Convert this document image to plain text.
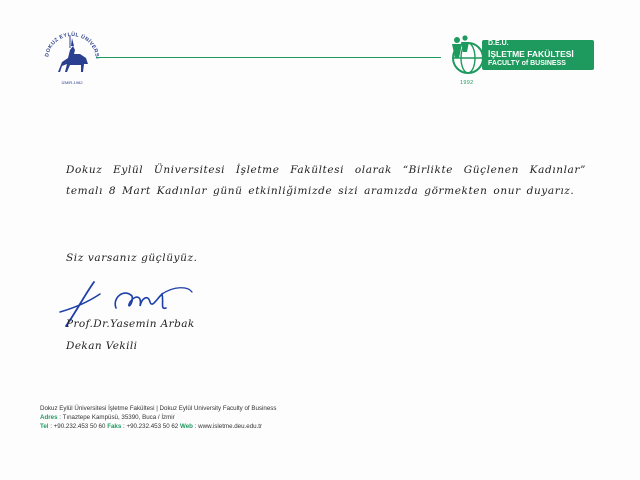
DOKUZ EYLÜL ÜNİVERSİ
İZMİR-1982
D.E.Ü.
İŞLETME FAKÜLTESİ
FACULTY of BUSINESS
1992
Dokuz Eylül Üniversitesi İşletme Fakültesi olarak “Birlikte Güçlenen Kadınlar” temalı 8 Mart Kadınlar günü etkinliğimizde sizi aramızda görmekten onur duyarız.
Siz varsanız güçlüyüz.
Prof.Dr.Yasemin Arbak
Dekan Vekili
Dokuz Eylül Üniversitesi İşletme Fakültesi | Dokuz Eylül University Faculty of Business
Adres : Tınaztepe Kampüsü, 35390, Buca / İzmir
Tel : +90.232.453 50 60 Faks : +90.232.453 50 62 Web : www.isletme.deu.edu.tr
